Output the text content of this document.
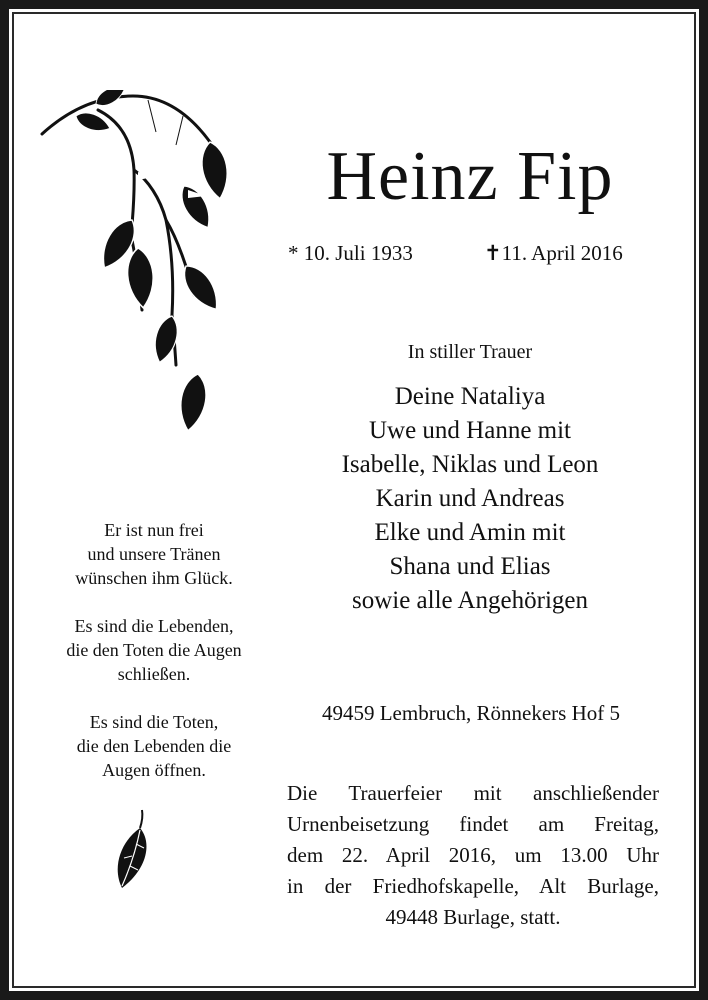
Heinz Fip
* 10. Juli 1933	✝11. April 2016
In stiller Trauer
Deine Nataliya
Uwe und Hanne mit
Isabelle, Niklas und Leon
Karin und Andreas
Elke und Amin mit
Shana und Elias
sowie alle Angehörigen
49459 Lembruch, Rönnekers Hof 5
Die Trauerfeier mit anschließender
Urnenbeisetzung findet am Freitag,
dem 22. April 2016, um 13.00 Uhr
in der Friedhofskapelle, Alt Burlage,
49448 Burlage, statt.
Er ist nun frei
und unsere Tränen
wünschen ihm Glück.
Es sind die Lebenden,
die den Toten die Augen
schließen.
Es sind die Toten,
die den Lebenden die
Augen öffnen.
